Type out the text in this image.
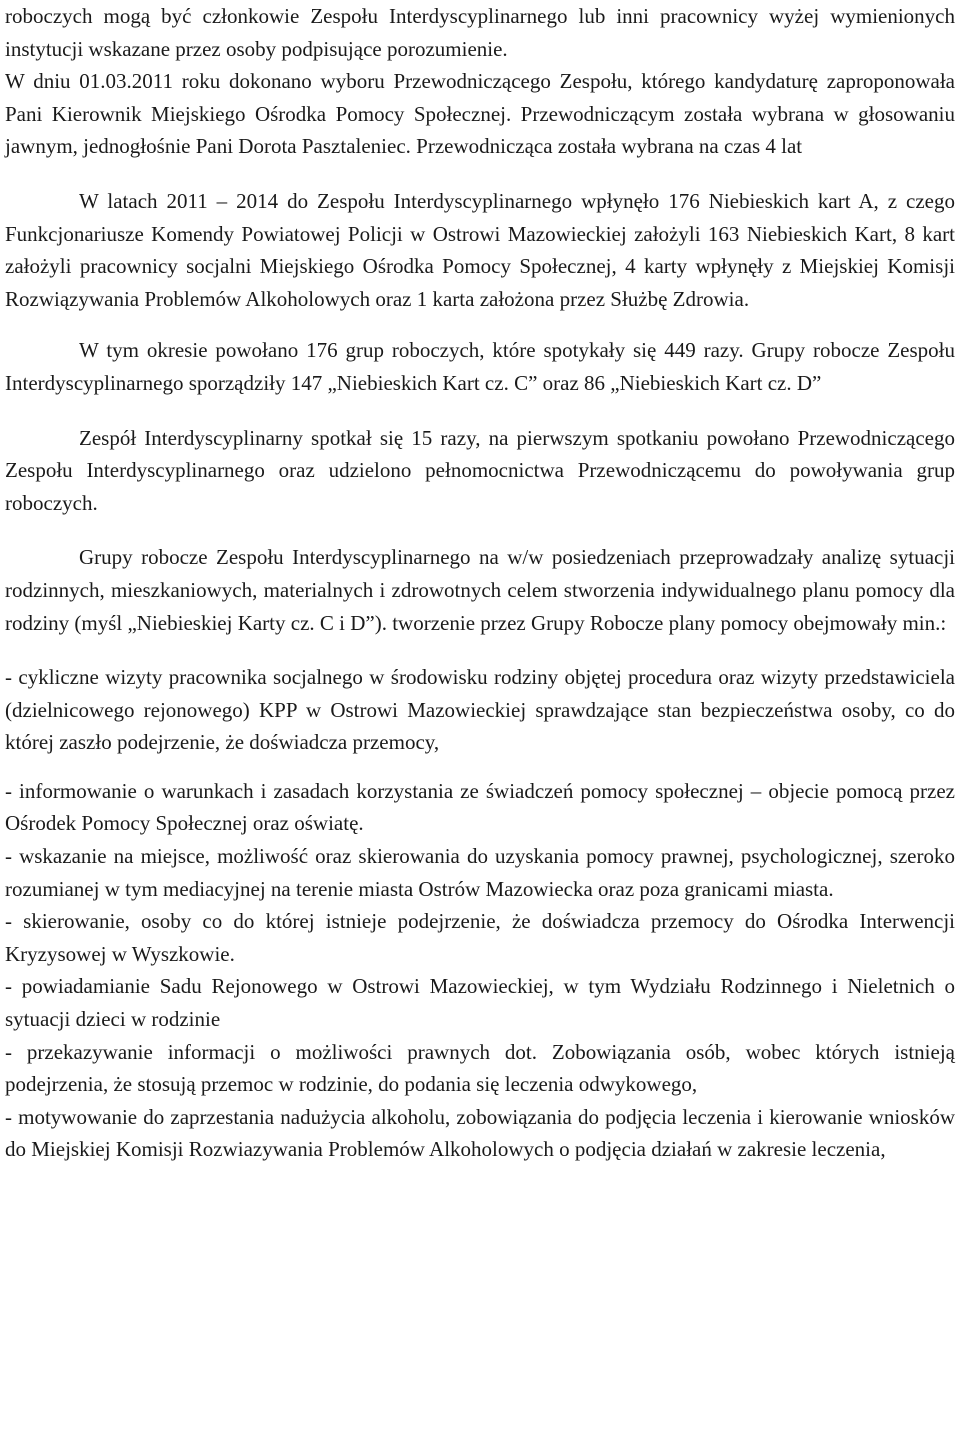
roboczych mogą być członkowie Zespołu Interdyscyplinarnego lub inni pracownicy wyżej wymienionych instytucji wskazane przez osoby podpisujące porozumienie.

W dniu 01.03.2011 roku dokonano wyboru Przewodniczącego Zespołu, którego kandydaturę zaproponowała Pani Kierownik Miejskiego Ośrodka Pomocy Społecznej. Przewodniczącym została wybrana w głosowaniu jawnym, jednogłośnie Pani Dorota Pasztaleniec. Przewodnicząca została wybrana na czas 4 lat

W latach 2011 – 2014 do Zespołu Interdyscyplinarnego wpłynęło 176 Niebieskich kart A, z czego Funkcjonariusze Komendy Powiatowej Policji w Ostrowi Mazowieckiej założyli 163 Niebieskich Kart, 8 kart założyli pracownicy socjalni Miejskiego Ośrodka Pomocy Społecznej, 4 karty wpłynęły z Miejskiej Komisji Rozwiązywania Problemów Alkoholowych oraz 1 karta założona przez Służbę Zdrowia.

W tym okresie powołano 176 grup roboczych, które spotykały się 449 razy. Grupy robocze Zespołu Interdyscyplinarnego sporządziły 147 „Niebieskich Kart cz. C” oraz 86 „Niebieskich Kart cz. D”

Zespół Interdyscyplinarny spotkał się 15 razy, na pierwszym spotkaniu powołano Przewodniczącego Zespołu Interdyscyplinarnego oraz udzielono pełnomocnictwa Przewodniczącemu do powoływania grup roboczych.

Grupy robocze Zespołu Interdyscyplinarnego na w/w posiedzeniach przeprowadzały analizę sytuacji rodzinnych, mieszkaniowych, materialnych i zdrowotnych celem stworzenia indywidualnego planu pomocy dla rodziny (myśl „Niebieskiej Karty cz. C i D”). tworzenie przez Grupy Robocze plany pomocy obejmowały min.:

- cykliczne wizyty pracownika socjalnego w środowisku rodziny objętej procedura oraz wizyty przedstawiciela (dzielnicowego rejonowego) KPP w Ostrowi Mazowieckiej sprawdzające stan bezpieczeństwa osoby, co do której zaszło podejrzenie, że doświadcza przemocy,

- informowanie o warunkach i zasadach korzystania ze świadczeń pomocy społecznej – objecie pomocą przez Ośrodek Pomocy Społecznej oraz oświatę.

- wskazanie na miejsce, możliwość oraz skierowania do uzyskania pomocy prawnej, psychologicznej, szeroko rozumianej w tym mediacyjnej na terenie miasta Ostrów Mazowiecka oraz poza granicami miasta.

- skierowanie, osoby co do której istnieje podejrzenie, że doświadcza przemocy do Ośrodka Interwencji Kryzysowej w Wyszkowie.

- powiadamianie Sadu Rejonowego w Ostrowi Mazowieckiej, w tym Wydziału Rodzinnego i Nieletnich o sytuacji dzieci w rodzinie

- przekazywanie informacji o możliwości prawnych dot. Zobowiązania osób, wobec których istnieją podejrzenia, że stosują przemoc w rodzinie, do podania się leczenia odwykowego,

- motywowanie do zaprzestania nadużycia alkoholu, zobowiązania do podjęcia leczenia i kierowanie wniosków do Miejskiej Komisji Rozwiazywania Problemów Alkoholowych o podjęcia działań w zakresie leczenia,
